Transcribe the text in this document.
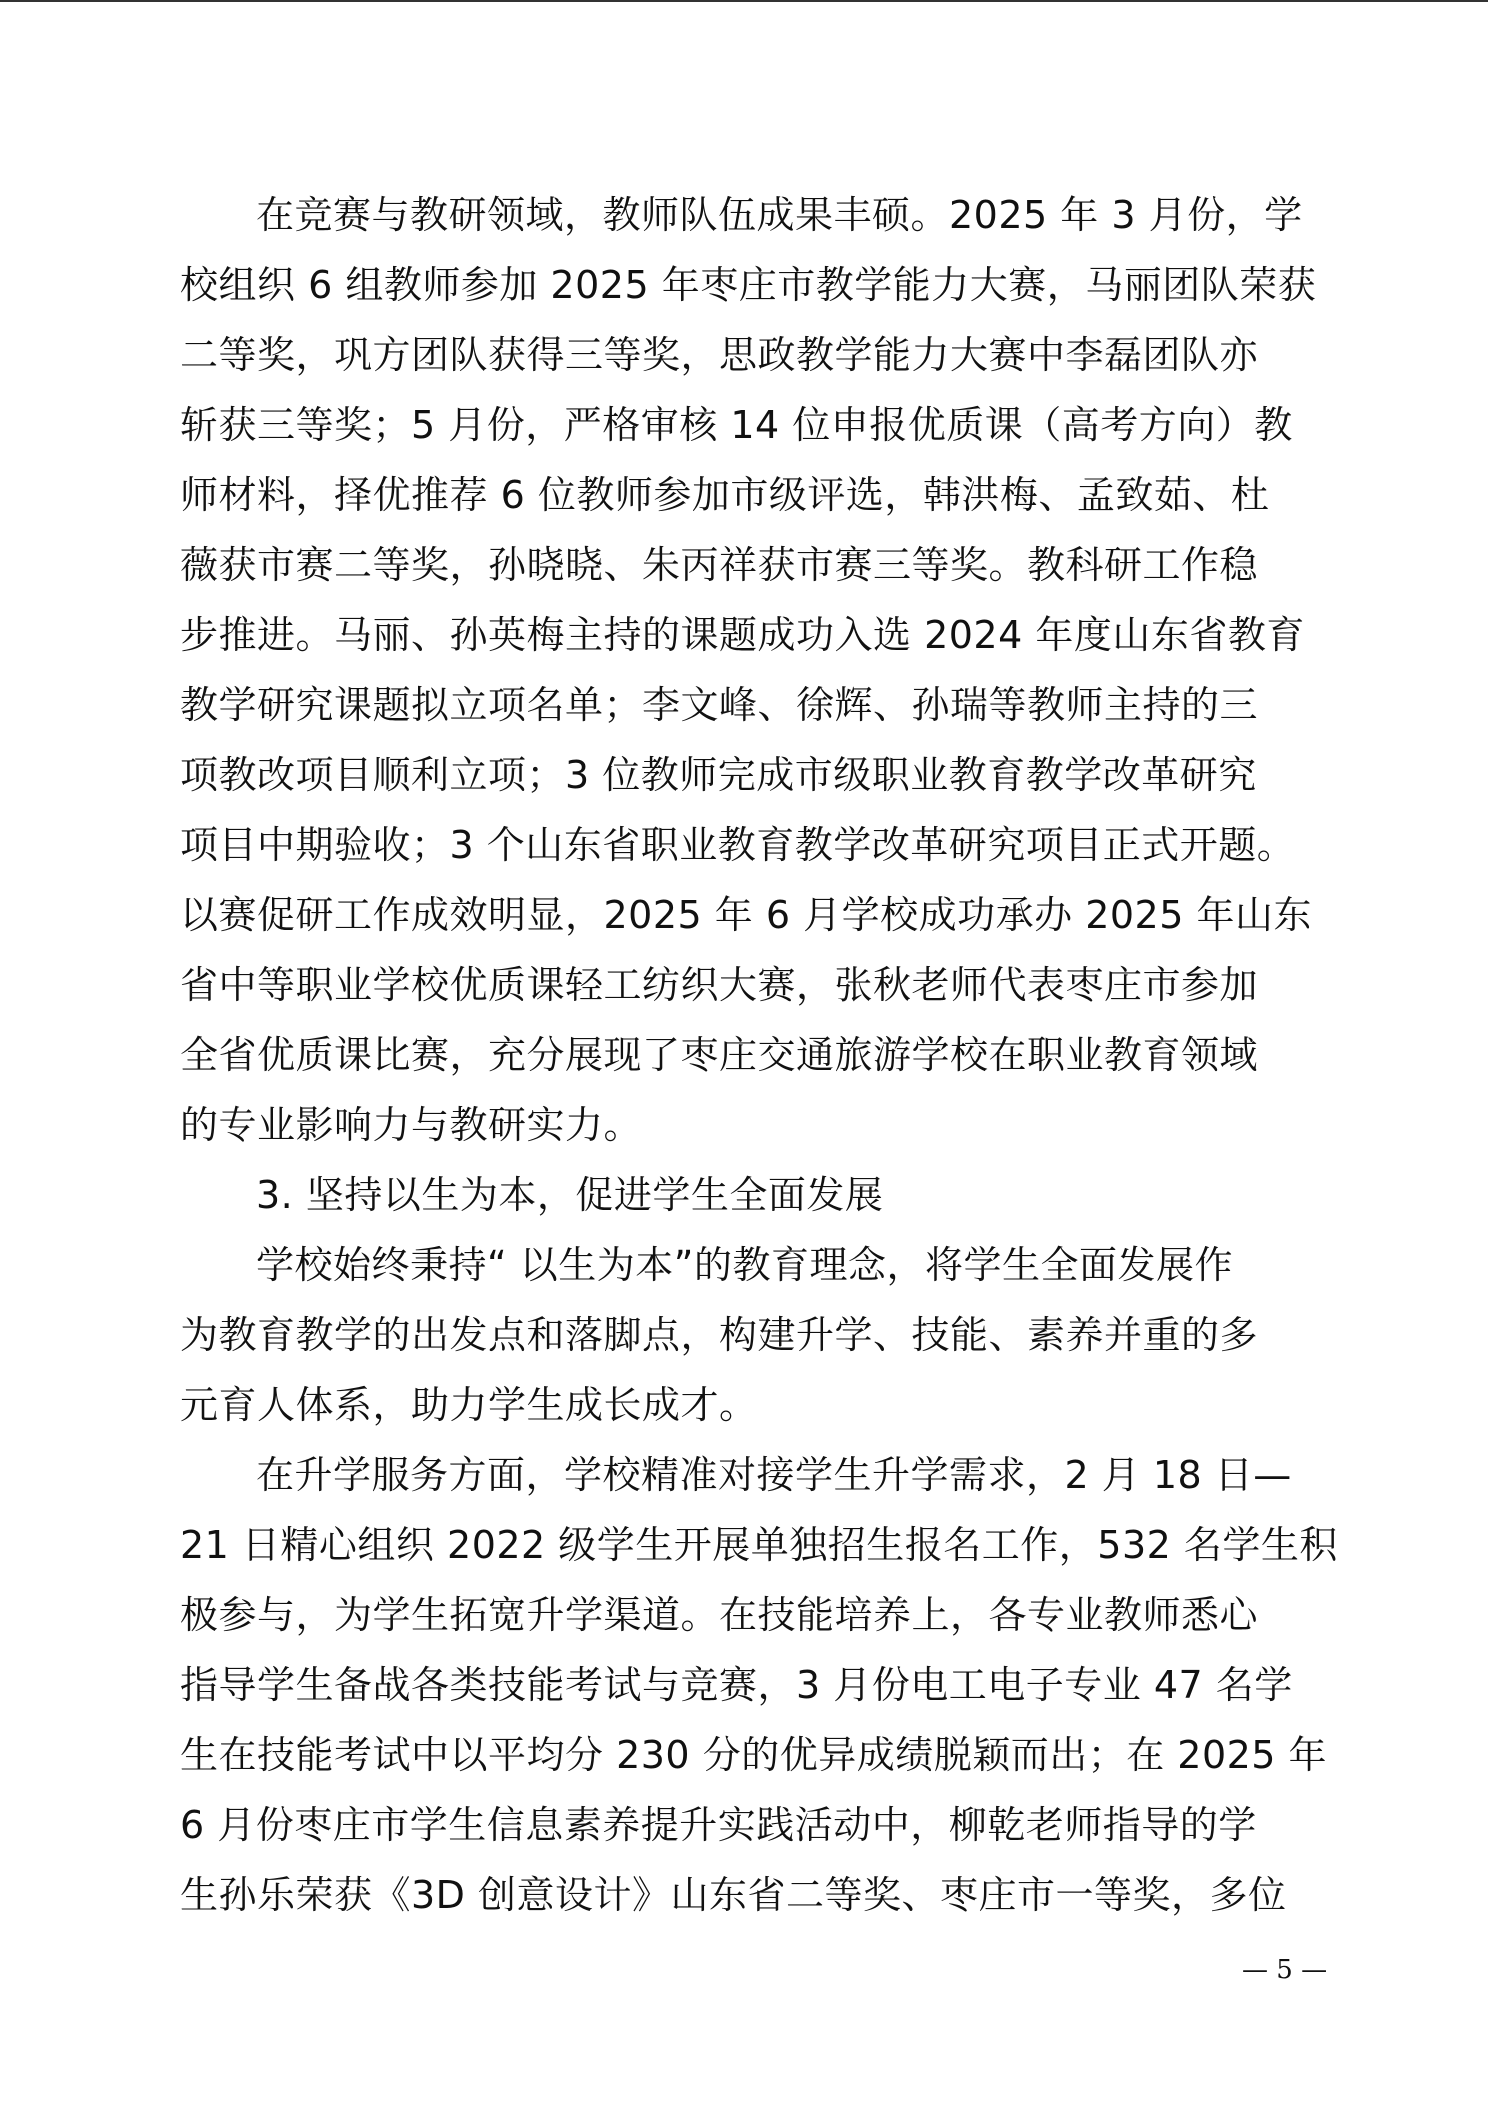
在竞赛与教研领域，教师队伍成果丰硕。2025 年 3 月份，学
校组织 6 组教师参加 2025 年枣庄市教学能力大赛，马丽团队荣获
二等奖，巩方团队获得三等奖，思政教学能力大赛中李磊团队亦
斩获三等奖；5 月份，严格审核 14 位申报优质课（高考方向）教
师材料，择优推荐 6 位教师参加市级评选，韩洪梅、孟致茹、杜
薇获市赛二等奖，孙晓晓、朱丙祥获市赛三等奖。教科研工作稳
步推进。马丽、孙英梅主持的课题成功入选 2024 年度山东省教育
教学研究课题拟立项名单；李文峰、徐辉、孙瑞等教师主持的三
项教改项目顺利立项；3 位教师完成市级职业教育教学改革研究
项目中期验收；3 个山东省职业教育教学改革研究项目正式开题。
以赛促研工作成效明显，2025 年 6 月学校成功承办 2025 年山东
省中等职业学校优质课轻工纺织大赛，张秋老师代表枣庄市参加
全省优质课比赛，充分展现了枣庄交通旅游学校在职业教育领域
的专业影响力与教研实力。
3. 坚持以生为本，促进学生全面发展
学校始终秉持“ 以生为本”的教育理念，将学生全面发展作
为教育教学的出发点和落脚点，构建升学、技能、素养并重的多
元育人体系，助力学生成长成才。
在升学服务方面，学校精准对接学生升学需求，2 月 18 日—
21 日精心组织 2022 级学生开展单独招生报名工作，532 名学生积
极参与，为学生拓宽升学渠道。在技能培养上，各专业教师悉心
指导学生备战各类技能考试与竞赛，3 月份电工电子专业 47 名学
生在技能考试中以平均分 230 分的优异成绩脱颖而出；在 2025 年
6 月份枣庄市学生信息素养提升实践活动中，柳乾老师指导的学
生孙乐荣获《3D 创意设计》山东省二等奖、枣庄市一等奖，多位
— 5 —
